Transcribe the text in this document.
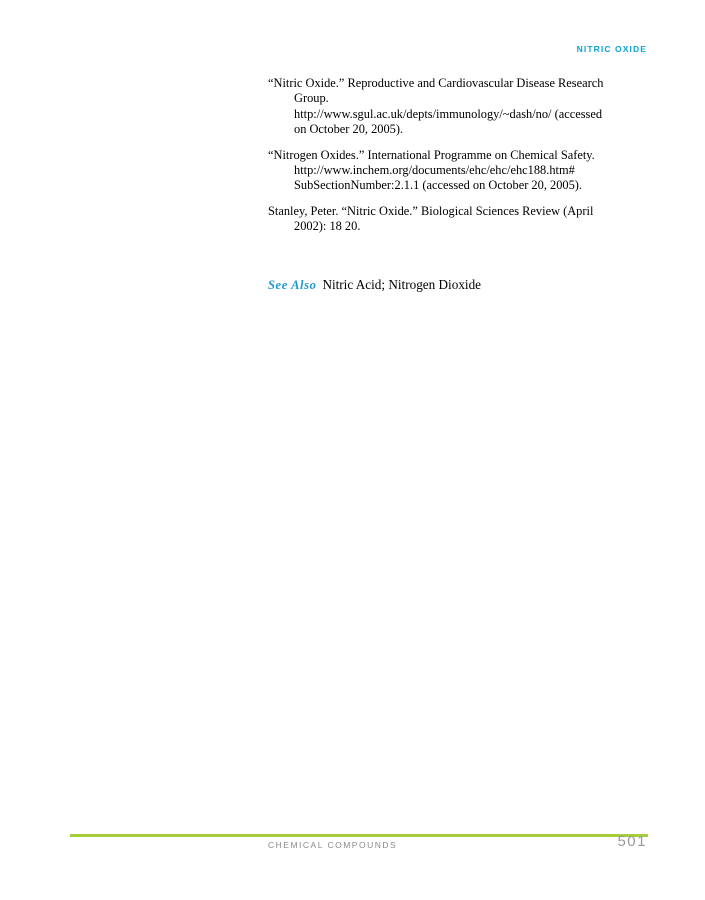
NITRIC OXIDE

“Nitric Oxide.” Reproductive and Cardiovascular Disease Research
Group.
http://www.sgul.ac.uk/depts/immunology/~dash/no/ (accessed
on October 20, 2005).

“Nitrogen Oxides.” International Programme on Chemical Safety.
http://www.inchem.org/documents/ehc/ehc/ehc188.htm#
SubSectionNumber:2.1.1 (accessed on October 20, 2005).

Stanley, Peter. “Nitric Oxide.” Biological Sciences Review (April
2002): 18 20.

See Also Nitric Acid; Nitrogen Dioxide

CHEMICAL COMPOUNDS	501
